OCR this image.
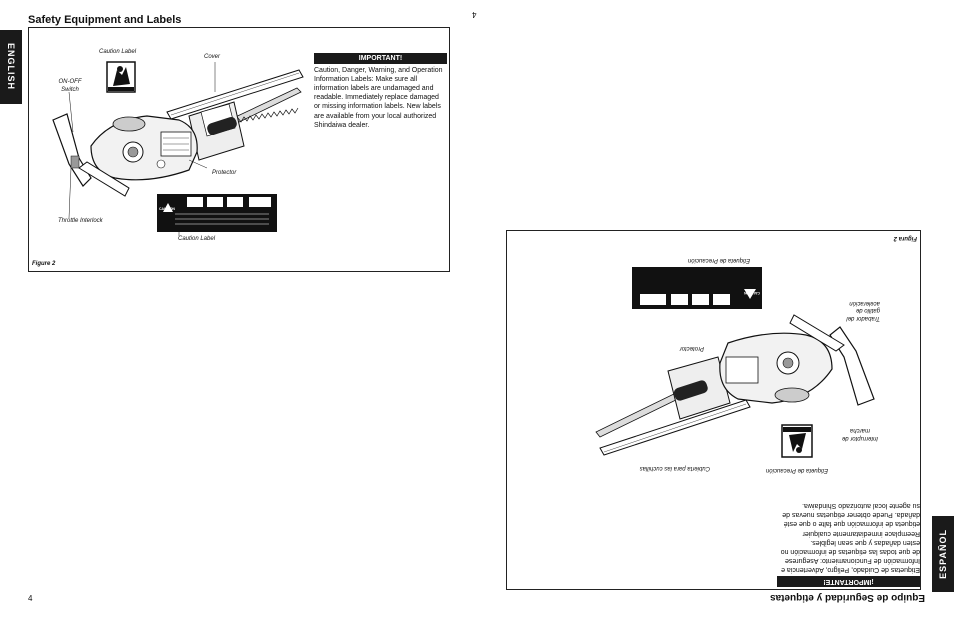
ENGLISH
Safety Equipment and Labels
Caution Label
Cover
ON-OFF Switch
Protector
Throttle Interlock
Caution Label
CAUTION
Figure 2
IMPORTANT!
Caution, Danger, Warning, and Operation Information Labels: Make sure all information labels are undamaged and readable. Immediately replace damaged or missing information labels. New labels are available from your local authorized Shindaiwa dealer.
4
4
Etiqueta de Precaución
Cubierta para las cuchillas
Interruptor de marcha
Protector
Trabador del gatillo de aceleración
Etiqueta de Precaución
CAUTION
Figura 2
¡IMPORTANTE!
Etiquetas de Cuidado, Peligro, Advertencia e Información de Funcionamiento: Asegurese de que todas las etiquetas de información no esten dañadas y que sean legibles. Reemplace inmediatamente cualquier etiqueta de información que falte o que esté dañada. Puede obtener etiquetas nuevas de su agente local autorizado Shindaiwa.
Equipo de Seguridad y etiquetas
ESPAÑOL
